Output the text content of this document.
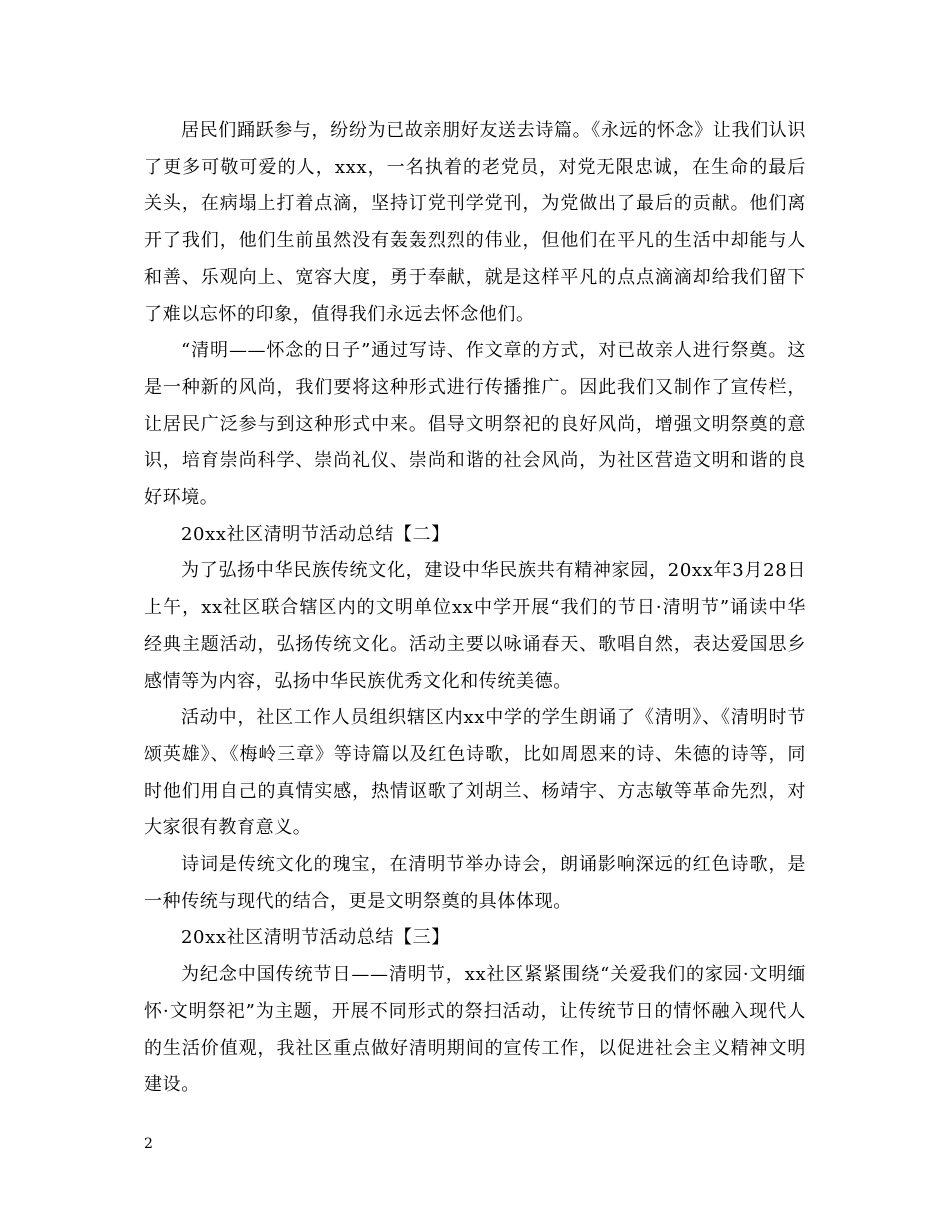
居民们踊跃参与，纷纷为已故亲朋好友送去诗篇。《永远的怀念》让我们认识了更多可敬可爱的人，xxx，一名执着的老党员，对党无限忠诚，在生命的最后关头，在病塌上打着点滴，坚持订党刊学党刊，为党做出了最后的贡献。他们离开了我们，他们生前虽然没有轰轰烈烈的伟业，但他们在平凡的生活中却能与人和善、乐观向上、宽容大度，勇于奉献，就是这样平凡的点点滴滴却给我们留下了难以忘怀的印象，值得我们永远去怀念他们。

“清明——怀念的日子”通过写诗、作文章的方式，对已故亲人进行祭奠。这是一种新的风尚，我们要将这种形式进行传播推广。因此我们又制作了宣传栏，让居民广泛参与到这种形式中来。倡导文明祭祀的良好风尚，增强文明祭奠的意识，培育崇尚科学、崇尚礼仪、崇尚和谐的社会风尚，为社区营造文明和谐的良好环境。

20xx社区清明节活动总结【二】

为了弘扬中华民族传统文化，建设中华民族共有精神家园，20xx年3月28日上午，xx社区联合辖区内的文明单位xx中学开展“我们的节日·清明节”诵读中华经典主题活动，弘扬传统文化。活动主要以咏诵春天、歌唱自然，表达爱国思乡感情等为内容，弘扬中华民族优秀文化和传统美德。

活动中，社区工作人员组织辖区内xx中学的学生朗诵了《清明》、《清明时节颂英雄》、《梅岭三章》等诗篇以及红色诗歌，比如周恩来的诗、朱德的诗等，同时他们用自己的真情实感，热情讴歌了刘胡兰、杨靖宇、方志敏等革命先烈，对大家很有教育意义。

诗词是传统文化的瑰宝，在清明节举办诗会，朗诵影响深远的红色诗歌，是一种传统与现代的结合，更是文明祭奠的具体体现。

20xx社区清明节活动总结【三】

为纪念中国传统节日——清明节，xx社区紧紧围绕“关爱我们的家园·文明缅怀·文明祭祀”为主题，开展不同形式的祭扫活动，让传统节日的情怀融入现代人的生活价值观，我社区重点做好清明期间的宣传工作，以促进社会主义精神文明建设。

2
